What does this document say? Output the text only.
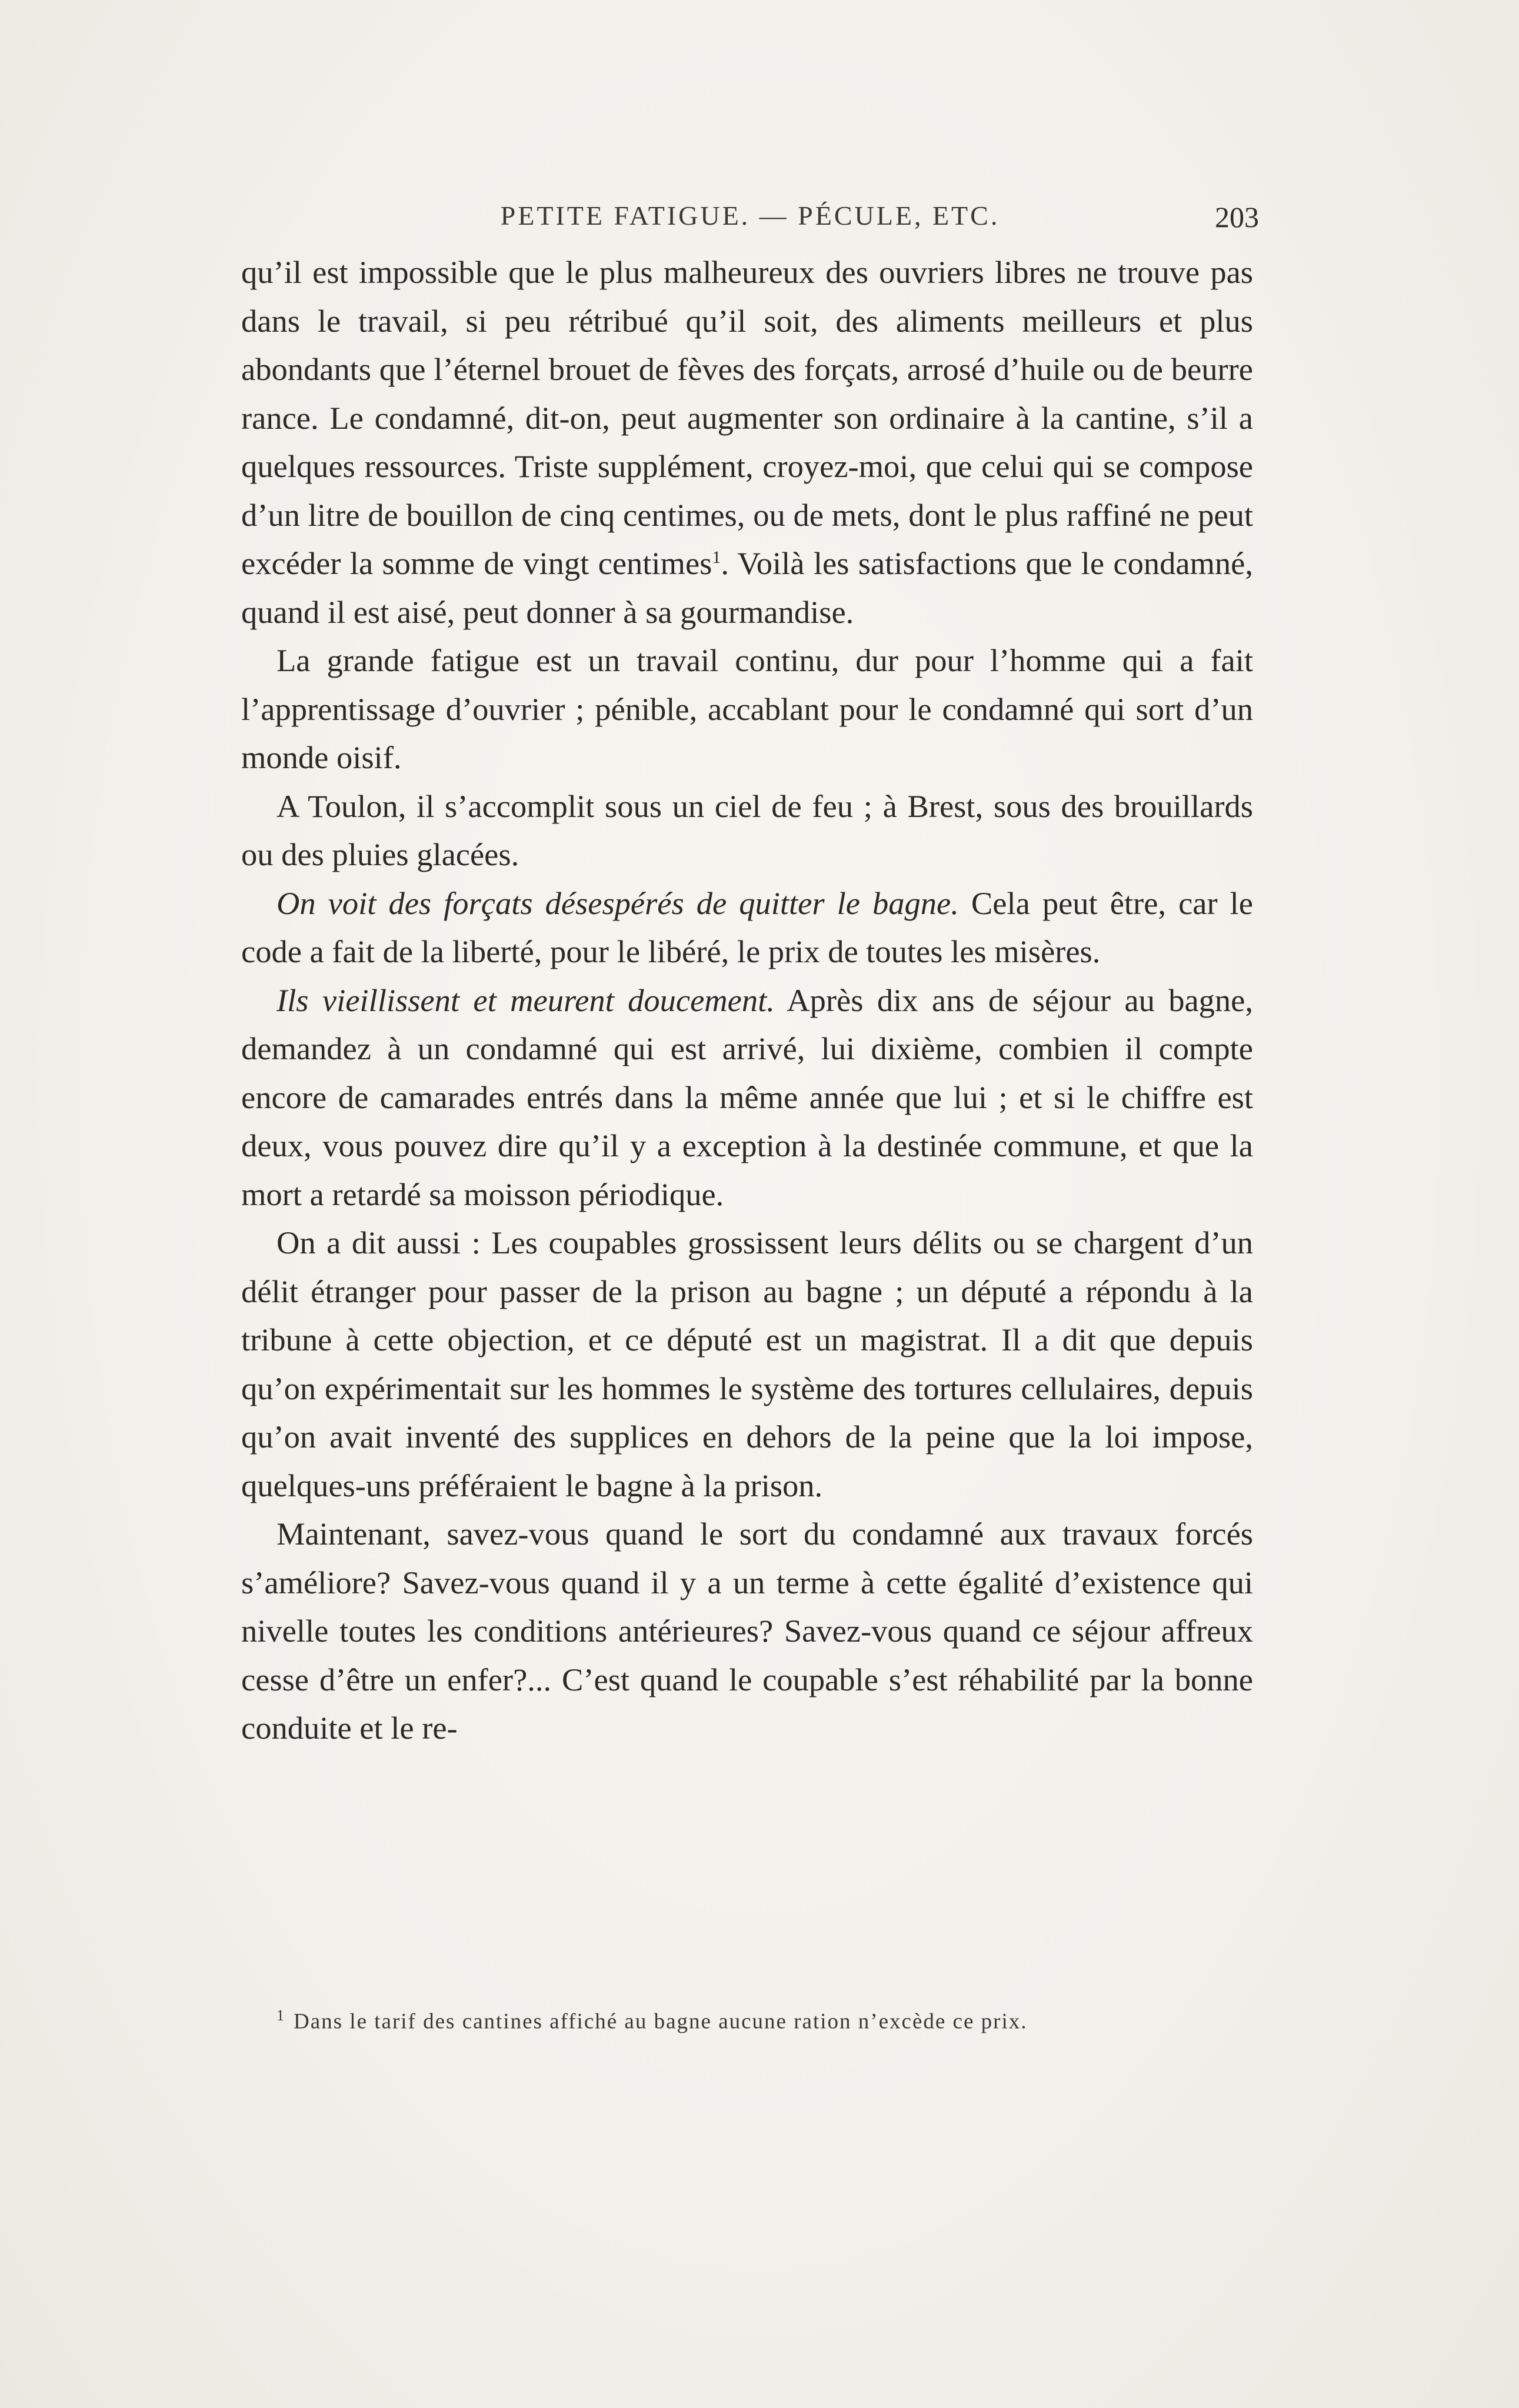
PETITE FATIGUE. — PÉCULE, ETC.	203

qu’il est impossible que le plus malheureux des ouvriers libres ne trouve pas dans le travail, si peu rétribué qu’il soit, des aliments meilleurs et plus abondants que l’éternel brouet de fèves des forçats, arrosé d’huile ou de beurre rance. Le condamné, dit-on, peut augmenter son ordinaire à la cantine, s’il a quelques ressources. Triste supplément, croyez-moi, que celui qui se compose d’un litre de bouillon de cinq centimes, ou de mets, dont le plus raffiné ne peut excéder la somme de vingt centimes$^1$. Voilà les satisfactions que le condamné, quand il est aisé, peut donner à sa gourmandise.

La grande fatigue est un travail continu, dur pour l’homme qui a fait l’apprentissage d’ouvrier ; pénible, accablant pour le condamné qui sort d’un monde oisif.

A Toulon, il s’accomplit sous un ciel de feu ; à Brest, sous des brouillards ou des pluies glacées.

On voit des forçats désespérés de quitter le bagne. Cela peut être, car le code a fait de la liberté, pour le libéré, le prix de toutes les misères.

Ils vieillissent et meurent doucement. Après dix ans de séjour au bagne, demandez à un condamné qui est arrivé, lui dixième, combien il compte encore de camarades entrés dans la même année que lui ; et si le chiffre est deux, vous pouvez dire qu’il y a exception à la destinée commune, et que la mort a retardé sa moisson périodique.

On a dit aussi : Les coupables grossissent leurs délits ou se chargent d’un délit étranger pour passer de la prison au bagne ; un député a répondu à la tribune à cette objection, et ce député est un magistrat. Il a dit que depuis qu’on expérimentait sur les hommes le système des tortures cellulaires, depuis qu’on avait inventé des supplices en dehors de la peine que la loi impose, quelques-uns préféraient le bagne à la prison.

Maintenant, savez-vous quand le sort du condamné aux travaux forcés s’améliore? Savez-vous quand il y a un terme à cette égalité d’existence qui nivelle toutes les conditions antérieures? Savez-vous quand ce séjour affreux cesse d’être un enfer?... C’est quand le coupable s’est réhabilité par la bonne conduite et le re-

$^1$ Dans le tarif des cantines affiché au bagne aucune ration n’excède ce prix.
